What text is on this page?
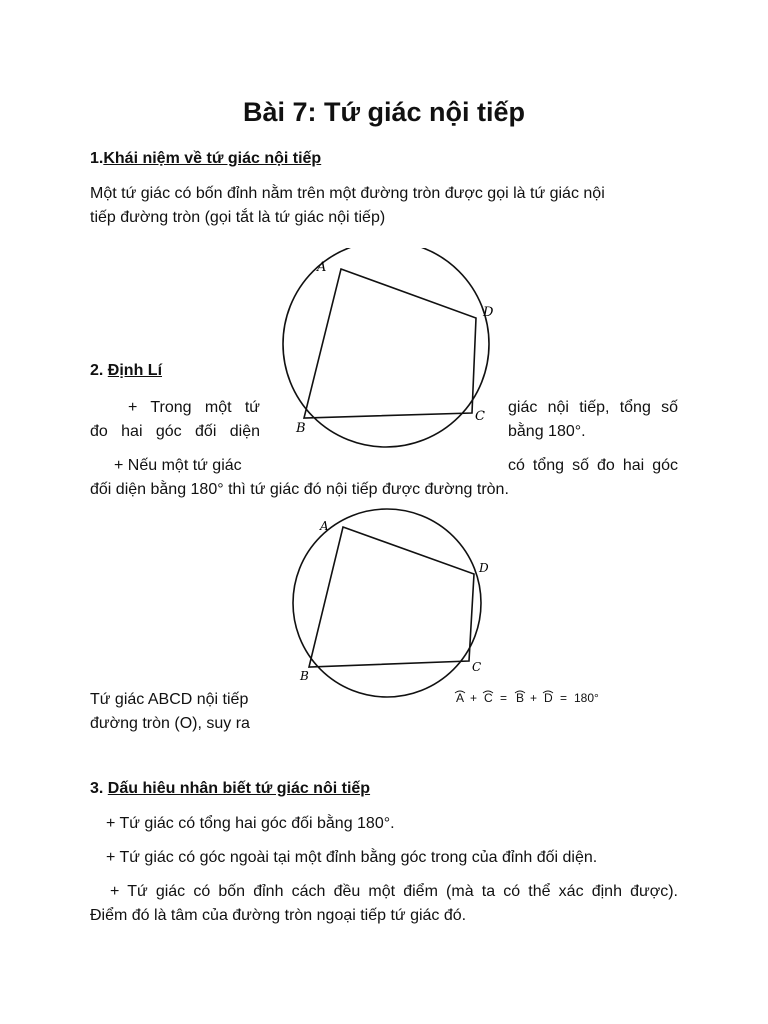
Bài 7: Tứ giác nội tiếp
1.Khái niệm về tứ giác nội tiếp
Một tứ giác có bốn đỉnh nằm trên một đường tròn được gọi là tứ giác nội
tiếp đường tròn (gọi tắt là tứ giác nội tiếp)
A
D
C
B
2. Định Lí
+ Trong một tứ
đo hai góc đối diện
giác nội tiếp, tổng số
bằng 180°.
+ Nếu một tứ giác	có tổng số đo hai góc
đối diện bằng 180° thì tứ giác đó nội tiếp được đường tròn.
A
D
C
B
Tứ giác ABCD nội tiếp
đường tròn (O), suy ra
A + C = B + D = 180°
3. Dấu hiêu nhân biết tứ giác nôi tiếp
+ Tứ giác có tổng hai góc đối bằng 180°.
+ Tứ giác có góc ngoài tại một đỉnh bằng góc trong của đỉnh đối diện.
+ Tứ giác có bốn đỉnh cách đều một điểm (mà ta có thể xác định được).
Điểm đó là tâm của đường tròn ngoại tiếp tứ giác đó.
